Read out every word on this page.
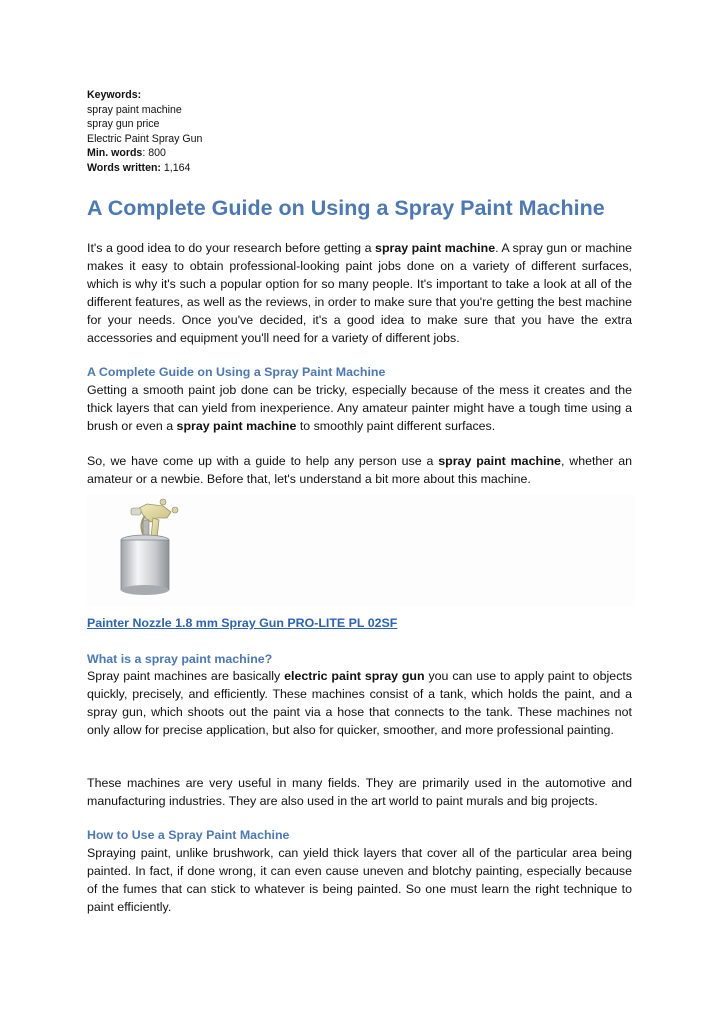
Keywords:
spray paint machine
spray gun price
Electric Paint Spray Gun
Min. words: 800
Words written: 1,164
A Complete Guide on Using a Spray Paint Machine

It's a good idea to do your research before getting a spray paint machine. A spray gun or machine makes it easy to obtain professional-looking paint jobs done on a variety of different surfaces, which is why it's such a popular option for so many people. It's important to take a look at all of the different features, as well as the reviews, in order to make sure that you're getting the best machine for your needs. Once you've decided, it's a good idea to make sure that you have the extra accessories and equipment you'll need for a variety of different jobs.

A Complete Guide on Using a Spray Paint Machine

Getting a smooth paint job done can be tricky, especially because of the mess it creates and the thick layers that can yield from inexperience. Any amateur painter might have a tough time using a brush or even a spray paint machine to smoothly paint different surfaces.

So, we have come up with a guide to help any person use a spray paint machine, whether an amateur or a newbie. Before that, let's understand a bit more about this machine.

Painter Nozzle 1.8 mm Spray Gun PRO-LITE PL 02SF
What is a spray paint machine?

Spray paint machines are basically electric paint spray gun you can use to apply paint to objects quickly, precisely, and efficiently. These machines consist of a tank, which holds the paint, and a spray gun, which shoots out the paint via a hose that connects to the tank. These machines not only allow for precise application, but also for quicker, smoother, and more professional painting.

These machines are very useful in many fields. They are primarily used in the automotive and manufacturing industries. They are also used in the art world to paint murals and big projects.

How to Use a Spray Paint Machine

Spraying paint, unlike brushwork, can yield thick layers that cover all of the particular area being painted. In fact, if done wrong, it can even cause uneven and blotchy painting, especially because of the fumes that can stick to whatever is being painted. So one must learn the right technique to paint efficiently.
